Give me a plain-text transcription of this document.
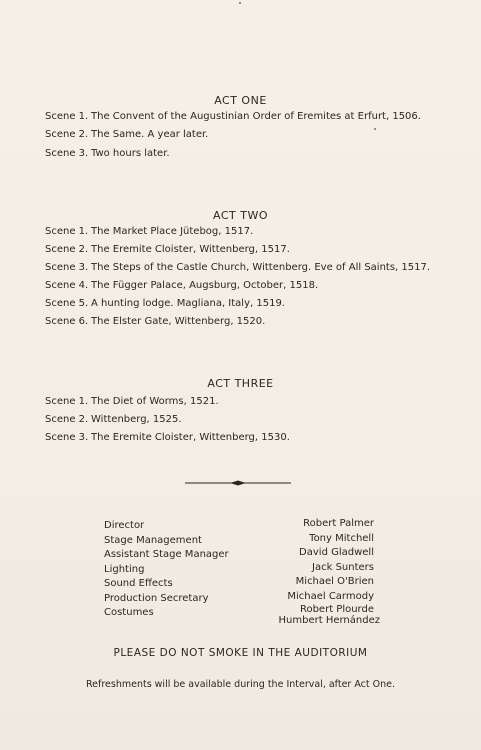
ACT ONE
Scene 1. The Convent of the Augustinian Order of Eremites at Erfurt, 1506.
Scene 2. The Same. A year later.
Scene 3. Two hours later.
ACT TWO
Scene 1. The Market Place Jütebog, 1517.
Scene 2. The Eremite Cloister, Wittenberg, 1517.
Scene 3. The Steps of the Castle Church, Wittenberg. Eve of All Saints, 1517.
Scene 4. The Függer Palace, Augsburg, October, 1518.
Scene 5. A hunting lodge. Magliana, Italy, 1519.
Scene 6. The Elster Gate, Wittenberg, 1520.
ACT THREE
Scene 1. The Diet of Worms, 1521.
Scene 2. Wittenberg, 1525.
Scene 3. The Eremite Cloister, Wittenberg, 1530.
Director
Stage Management
Assistant Stage Manager
Lighting
Sound Effects
Production Secretary
Costumes
Robert Palmer
Tony Mitchell
David Gladwell
Jack Sunters
Michael O'Brien
Michael Carmody
Robert Plourde
Humbert Hernández
PLEASE DO NOT SMOKE IN THE AUDITORIUM
Refreshments will be available during the Interval, after Act One.
